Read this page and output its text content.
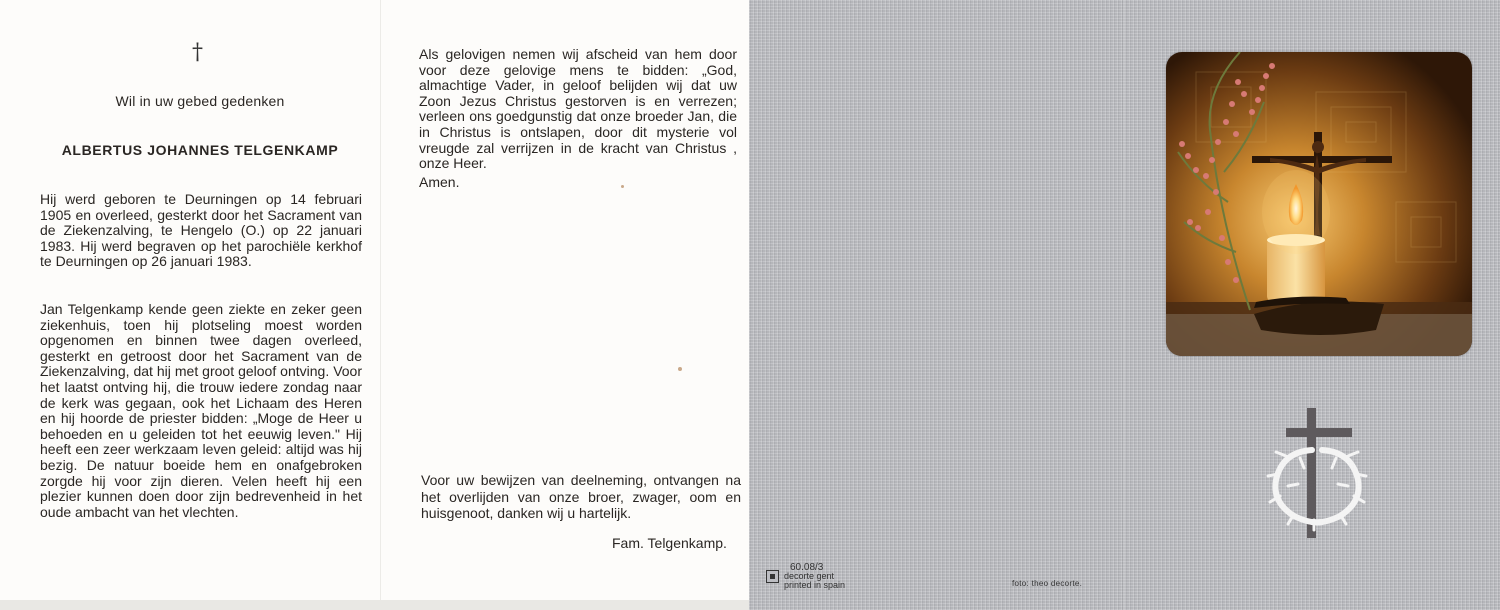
†
Wil in uw gebed gedenken
ALBERTUS JOHANNES TELGENKAMP

Hij werd geboren te Deurningen op 14 februari 1905 en overleed, gesterkt door het Sacrament van de Ziekenzalving, te Hengelo (O.) op 22 januari 1983. Hij werd begraven op het parochiële kerkhof te Deurningen op 26 januari 1983.

Jan Telgenkamp kende geen ziekte en zeker geen ziekenhuis, toen hij plotseling moest worden opgenomen en binnen twee dagen overleed, gesterkt en getroost door het Sacrament van de Ziekenzalving, dat hij met groot geloof ontving. Voor het laatst ontving hij, die trouw iedere zondag naar de kerk was gegaan, ook het Lichaam des Heren en hij hoorde de priester bidden: „Moge de Heer u behoeden en u geleiden tot het eeuwig leven." Hij heeft een zeer werkzaam leven geleid: altijd was hij bezig. De natuur boeide hem en onafgebroken zorgde hij voor zijn dieren. Velen heeft hij een plezier kunnen doen door zijn bedrevenheid in het oude ambacht van het vlechten.

Als gelovigen nemen wij afscheid van hem door voor deze gelovige mens te bidden: „God, almachtige Vader, in geloof belijden wij dat uw Zoon Jezus Christus gestorven is en verrezen; verleen ons goedgunstig dat onze broeder Jan, die in Christus is ontslapen, door dit mysterie vol vreugde zal verrijzen in de kracht van Christus , onze Heer.

Amen.

Voor uw bewijzen van deelneming, ontvangen na het overlijden van onze broer, zwager, oom en huisgenoot, danken wij u hartelijk.

Fam. Telgenkamp.
60.08/3
decorte gent
printed in spain	foto: theo decorte.
